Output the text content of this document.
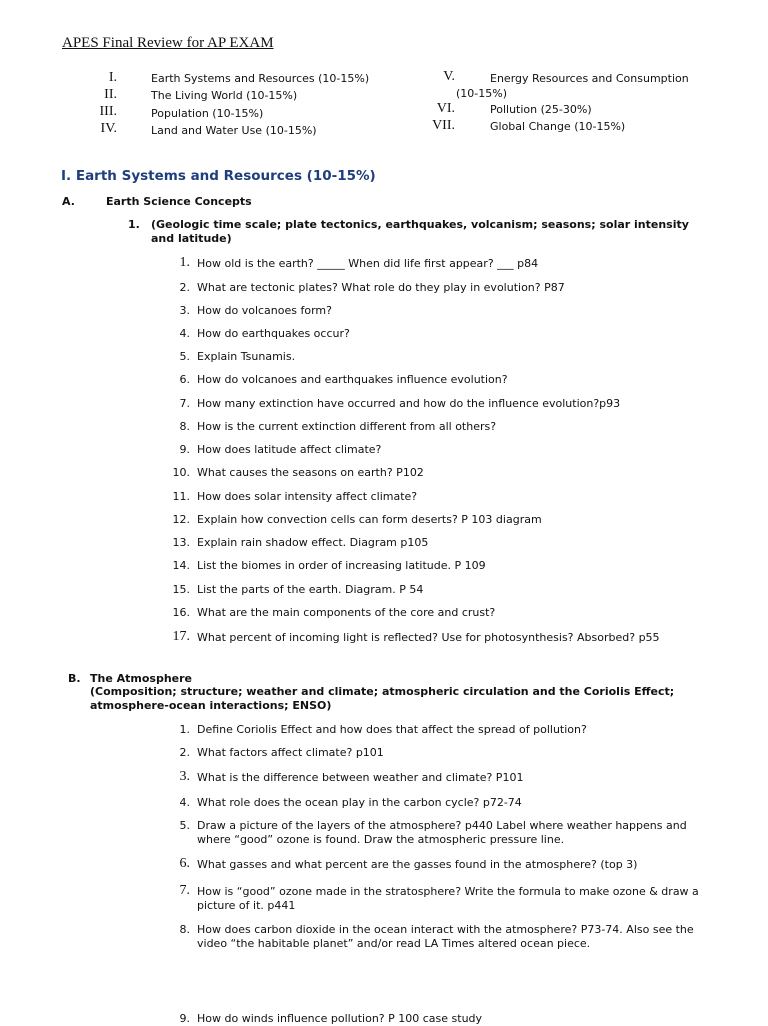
APES Final Review for AP EXAM
I.	Earth Systems and Resources (10-15%)
II.	The Living World (10-15%)
III.	Population (10-15%)
IV.	Land and Water Use (10-15%)
V.	Energy Resources and Consumption
(10-15%)
VI.	Pollution (25-30%)
VII.	Global Change (10-15%)
I. Earth Systems and Resources (10-15%)
A.	Earth Science Concepts
1. (Geologic time scale; plate tectonics, earthquakes, volcanism; seasons; solar intensity and latitude)
1. How old is the earth? _____ When did life first appear? ___ p84
2. What are tectonic plates? What role do they play in evolution? P87
3. How do volcanoes form?
4. How do earthquakes occur?
5. Explain Tsunamis.
6. How do volcanoes and earthquakes influence evolution?
7. How many extinction have occurred and how do the influence evolution?p93
8. How is the current extinction different from all others?
9. How does latitude affect climate?
10. What causes the seasons on earth? P102
11. How does solar intensity affect climate?
12. Explain how convection cells can form deserts? P 103 diagram
13. Explain rain shadow effect. Diagram p105
14. List the biomes in order of increasing latitude. P 109
15. List the parts of the earth. Diagram. P 54
16. What are the main components of the core and crust?
17. What percent of incoming light is reflected? Use for photosynthesis? Absorbed? p55
B. The Atmosphere
(Composition; structure; weather and climate; atmospheric circulation and the Coriolis Effect; atmosphere-ocean interactions; ENSO)
1. Define Coriolis Effect and how does that affect the spread of pollution?
2. What factors affect climate? p101
3. What is the difference between weather and climate? P101
4. What role does the ocean play in the carbon cycle? p72-74
5. Draw a picture of the layers of the atmosphere? p440 Label where weather happens and where “good” ozone is found. Draw the atmospheric pressure line.
6. What gasses and what percent are the gasses found in the atmosphere? (top 3)
7. How is “good” ozone made in the stratosphere? Write the formula to make ozone & draw a picture of it. p441
8. How does carbon dioxide in the ocean interact with the atmosphere? P73-74. Also see the video “the habitable planet” and/or read LA Times altered ocean piece.
9. How do winds influence pollution? P 100 case study
